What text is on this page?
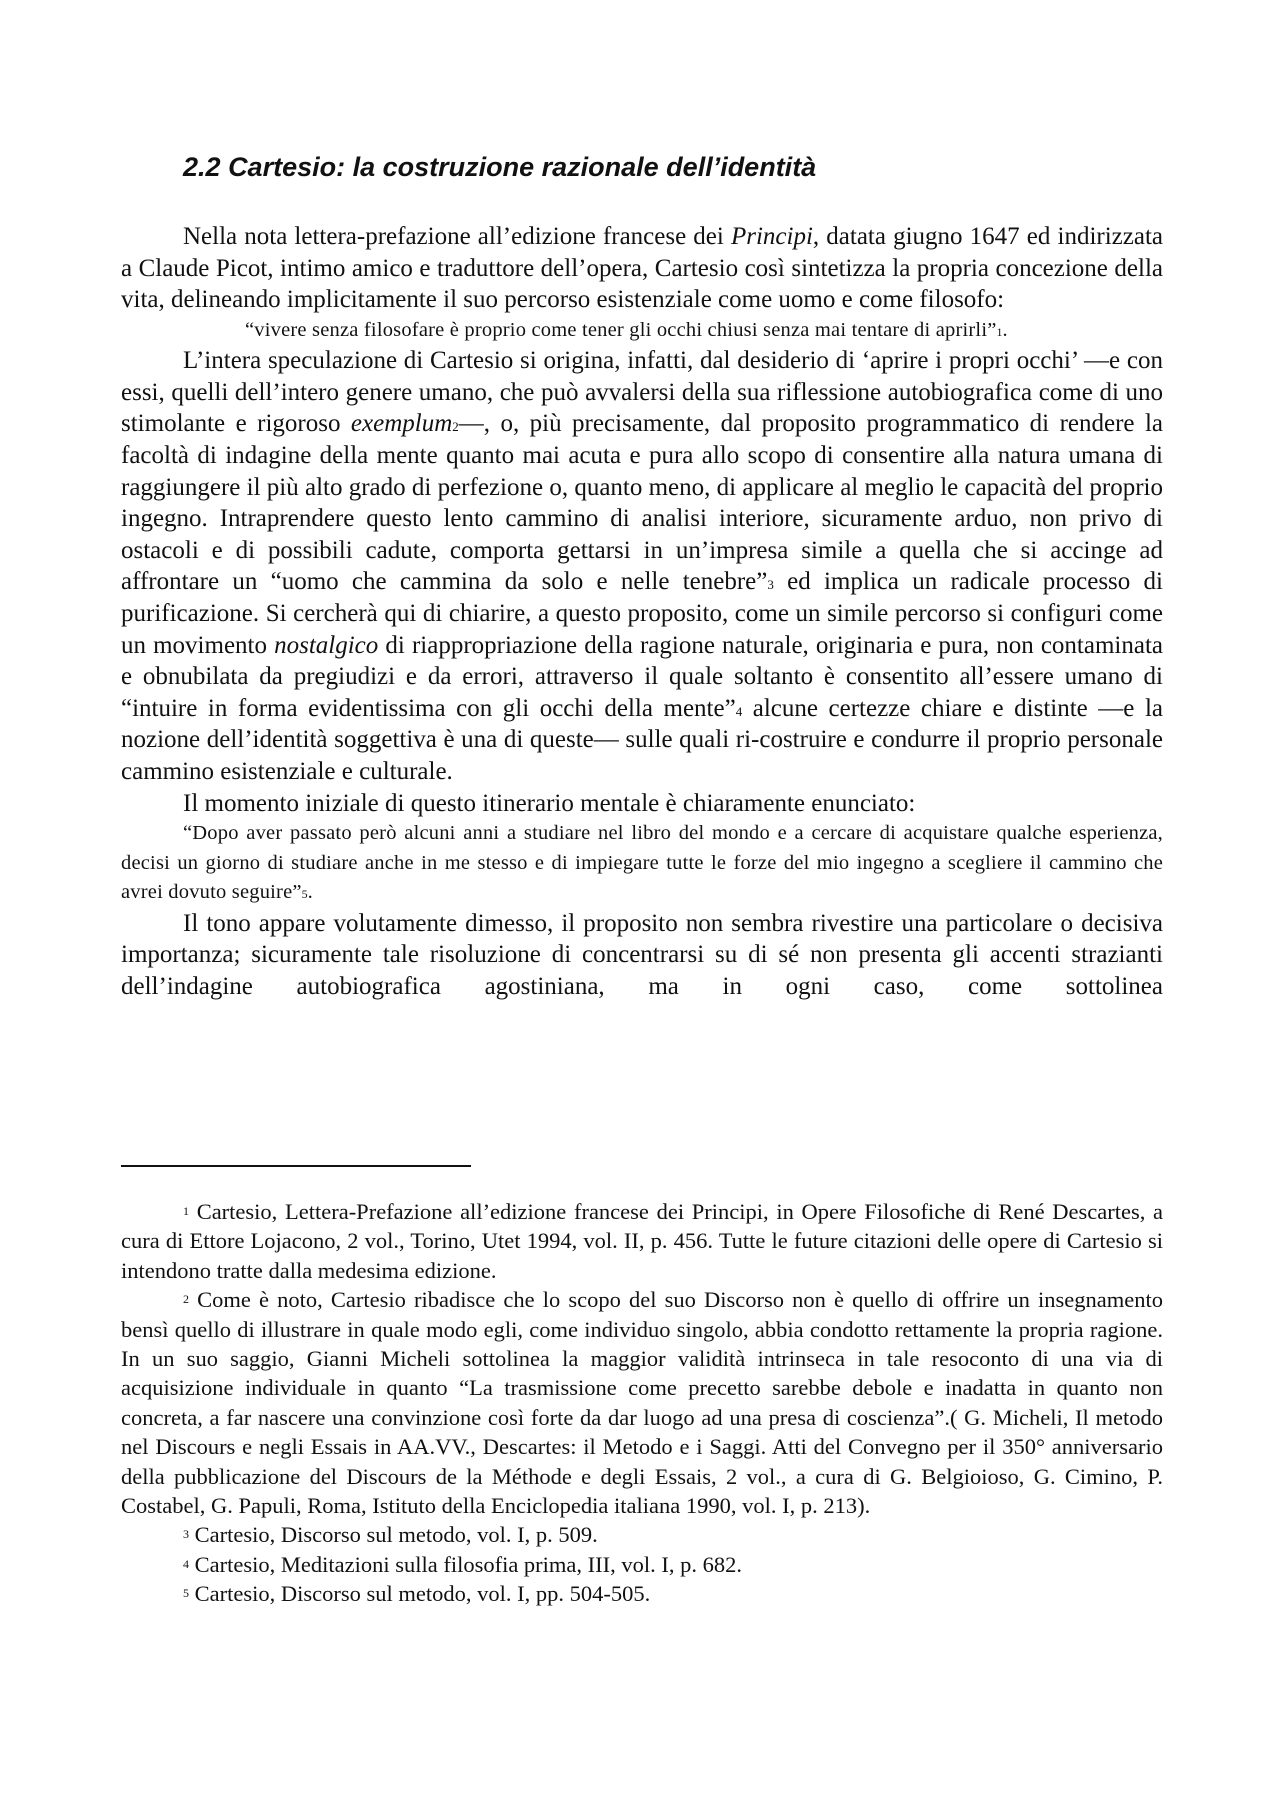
2.2 Cartesio: la costruzione razionale dell’identità

Nella nota lettera-prefazione all’edizione francese dei Principi, datata giugno 1647 ed indirizzata a Claude Picot, intimo amico e traduttore dell’opera, Cartesio così sintetizza la propria concezione della vita, delineando implicitamente il suo percorso esistenziale come uomo e come filosofo:

“vivere senza filosofare è proprio come tener gli occhi chiusi senza mai tentare di aprirli”1.

L’intera speculazione di Cartesio si origina, infatti, dal desiderio di ‘aprire i propri occhi’ —e con essi, quelli dell’intero genere umano, che può avvalersi della sua riflessione autobiografica come di uno stimolante e rigoroso exemplum2—, o, più precisamente, dal proposito programmatico di rendere la facoltà di indagine della mente quanto mai acuta e pura allo scopo di consentire alla natura umana di raggiungere il più alto grado di perfezione o, quanto meno, di applicare al meglio le capacità del proprio ingegno. Intraprendere questo lento cammino di analisi interiore, sicuramente arduo, non privo di ostacoli e di possibili cadute, comporta gettarsi in un’impresa simile a quella che si accinge ad affrontare un “uomo che cammina da solo e nelle tenebre”3 ed implica un radicale processo di purificazione. Si cercherà qui di chiarire, a questo proposito, come un simile percorso si configuri come un movimento nostalgico di riappropriazione della ragione naturale, originaria e pura, non contaminata e obnubilata da pregiudizi e da errori, attraverso il quale soltanto è consentito all’essere umano di “intuire in forma evidentissima con gli occhi della mente”4 alcune certezze chiare e distinte —e la nozione dell’identità soggettiva è una di queste— sulle quali ri-costruire e condurre il proprio personale cammino esistenziale e culturale.

Il momento iniziale di questo itinerario mentale è chiaramente enunciato:

“Dopo aver passato però alcuni anni a studiare nel libro del mondo e a cercare di acquistare qualche esperienza, decisi un giorno di studiare anche in me stesso e di impiegare tutte le forze del mio ingegno a scegliere il cammino che avrei dovuto seguire”5.

Il tono appare volutamente dimesso, il proposito non sembra rivestire una particolare o decisiva importanza; sicuramente tale risoluzione di concentrarsi su di sé non presenta gli accenti strazianti dell’indagine autobiografica agostiniana, ma in ogni caso, come sottolinea

1 Cartesio, Lettera-Prefazione all’edizione francese dei Principi, in Opere Filosofiche di René Descartes, a cura di Ettore Lojacono, 2 vol., Torino, Utet 1994, vol. II, p. 456. Tutte le future citazioni delle opere di Cartesio si intendono tratte dalla medesima edizione.

2 Come è noto, Cartesio ribadisce che lo scopo del suo Discorso non è quello di offrire un insegnamento bensì quello di illustrare in quale modo egli, come individuo singolo, abbia condotto rettamente la propria ragione. In un suo saggio, Gianni Micheli sottolinea la maggior validità intrinseca in tale resoconto di una via di acquisizione individuale in quanto “La trasmissione come precetto sarebbe debole e inadatta in quanto non concreta, a far nascere una convinzione così forte da dar luogo ad una presa di coscienza”.( G. Micheli, Il metodo nel Discours e negli Essais in AA.VV., Descartes: il Metodo e i Saggi. Atti del Convegno per il 350° anniversario della pubblicazione del Discours de la Méthode e degli Essais, 2 vol., a cura di G. Belgioioso, G. Cimino, P. Costabel, G. Papuli, Roma, Istituto della Enciclopedia italiana 1990, vol. I, p. 213).

3 Cartesio, Discorso sul metodo, vol. I, p. 509.

4 Cartesio, Meditazioni sulla filosofia prima, III, vol. I, p. 682.

5 Cartesio, Discorso sul metodo, vol. I, pp. 504-505.
